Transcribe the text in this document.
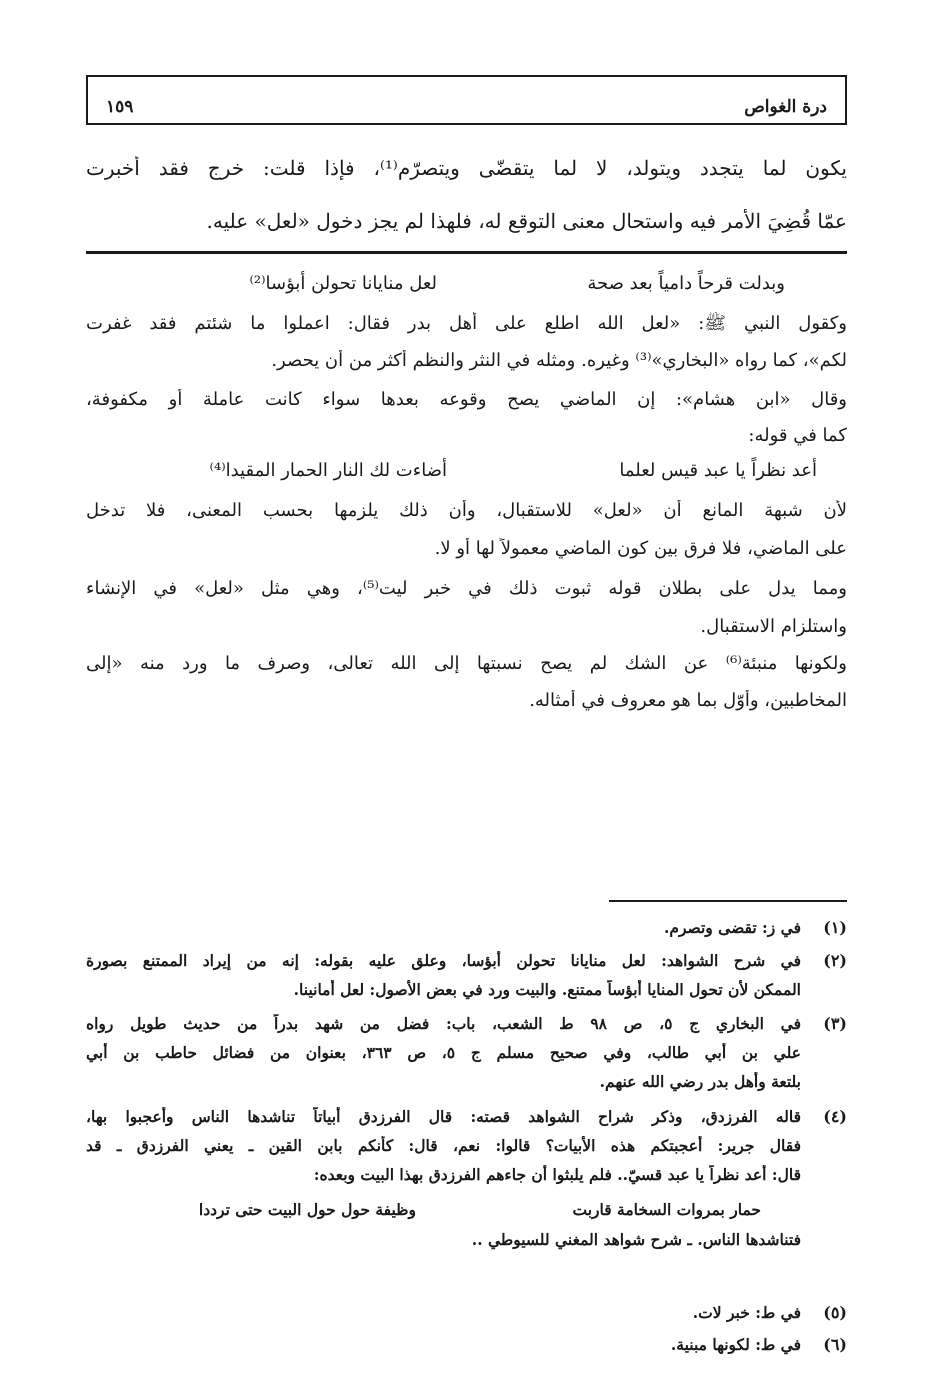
درة الغواص
١٥٩
يكون لما يتجدد ويتولد، لا لما يتقضّى ويتصرّم⁽¹⁾، فإذا قلت: خرج فقد أخبرت
عمّا قُضِيَ الأمر فيه واستحال معنى التوقع له، فلهذا لم يجز دخول «لعل» عليه.
وبدلت قرحاً دامياً بعد صحة
لعل منايانا تحولن أبؤسا⁽²⁾
وكقول النبي ﷺ: «لعل الله اطلع على أهل بدر فقال: اعملوا ما شئتم فقد غفرت
لكم»، كما رواه «البخاري»⁽³⁾ وغيره. ومثله في النثر والنظم أكثر من أن يحصر.
وقال «ابن هشام»: إن الماضي يصح وقوعه بعدها سواء كانت عاملة أو مكفوفة،
كما في قوله:
أعد نظراً يا عبد قيس لعلما
أضاءت لك النار الحمار المقيدا⁽⁴⁾
لأن شبهة المانع أن «لعل» للاستقبال، وأن ذلك يلزمها بحسب المعنى، فلا تدخل
على الماضي، فلا فرق بين كون الماضي معمولاً لها أو لا.
ومما يدل على بطلان قوله ثبوت ذلك في خبر ليت⁽⁵⁾، وهي مثل «لعل» في الإنشاء
واستلزام الاستقبال.
ولكونها منبئة⁽⁶⁾ عن الشك لم يصح نسبتها إلى الله تعالى، وصرف ما ورد منه «إلى
المخاطبين، وأوّل بما هو معروف في أمثاله.
(١)
في ز: تقضى وتصرم.
(٢)
في شرح الشواهد: لعل منايانا تحولن أبؤسا، وعلق عليه بقوله: إنه من إيراد الممتنع بصورة
الممكن لأن تحول المنايا أبؤساً ممتنع. والبيت ورد في بعض الأصول: لعل أمانينا.
(٣)
في البخاري ج ٥، ص ٩٨ ط الشعب، باب: فضل من شهد بدراً من حديث طويل رواه
علي بن أبي طالب، وفي صحيح مسلم ج ٥، ص ٣٦٣، بعنوان من فضائل حاطب بن أبي
بلتعة وأهل بدر رضي الله عنهم.
(٤)
قاله الفرزدق، وذكر شراح الشواهد قصته: قال الفرزدق أبياتاً تناشدها الناس وأعجبوا بها،
فقال جرير: أعجبتكم هذه الأبيات؟ قالوا: نعم، قال: كأنكم بابن القين ـ يعني الفرزدق ـ قد
قال: أعد نظراً يا عبد قسيّ.. فلم يلبثوا أن جاءهم الفرزدق بهذا البيت وبعده:
حمار بمروات السخامة قاربت
وظيفة حول حول البيت حتى ترددا
فتناشدها الناس. ـ شرح شواهد المغني للسيوطي ..
(٥)
في ط: خبر لات.
(٦)
في ط: لكونها مبنية.
